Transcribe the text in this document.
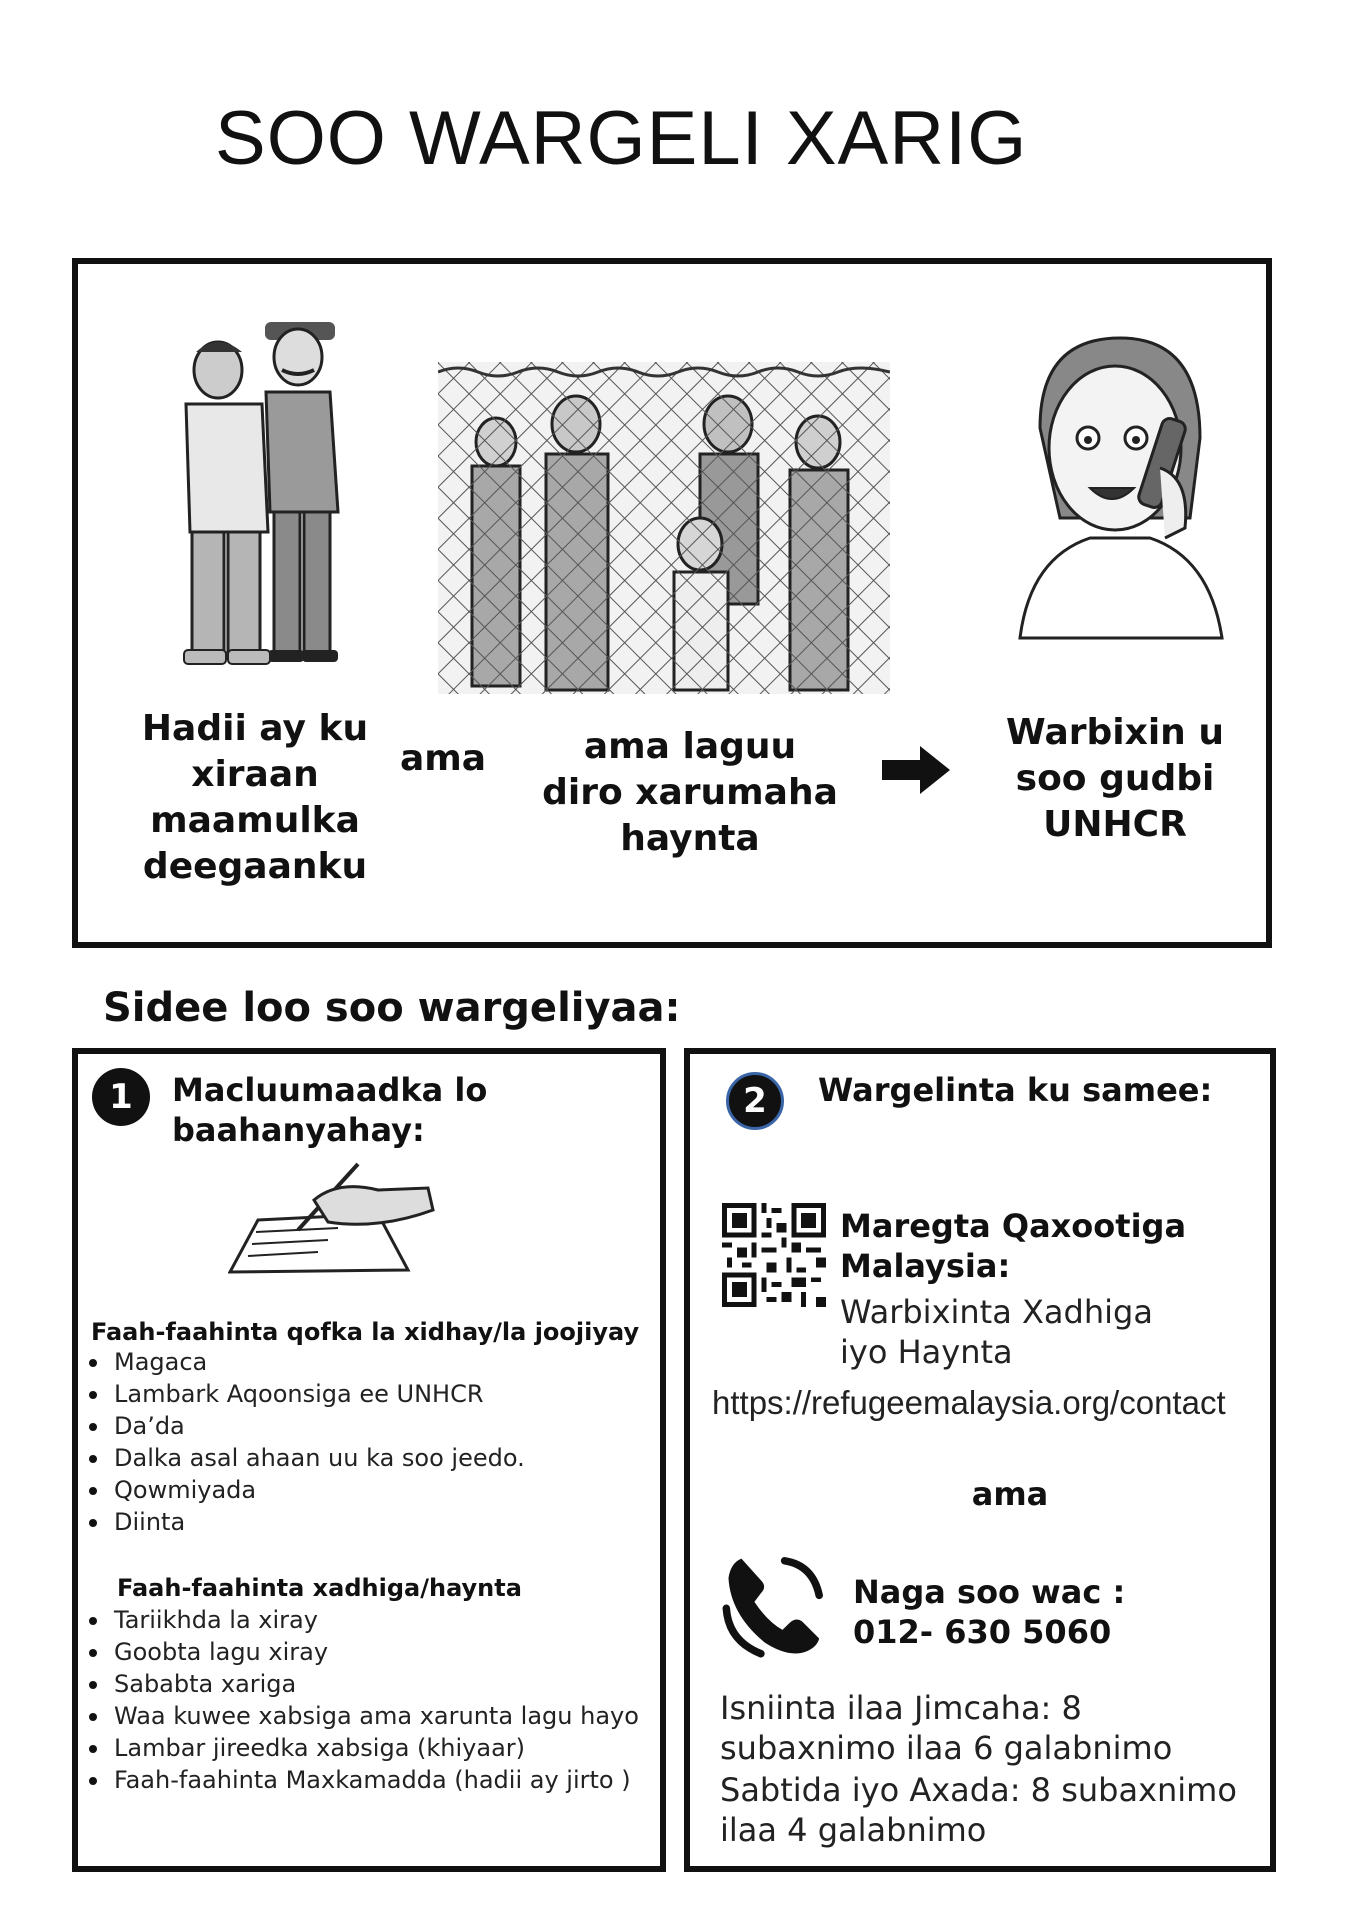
SOO WARGELI XARIG
Hadii ay ku xiraan maamulka deegaanku
ama	ama laguu diro xarumaha haynta
Warbixin u soo gudbi UNHCR
Sidee loo soo wargeliyaa:
1	Macluumaadka lo baahanyahay:
Faah-faahinta qofka la xidhay/la joojiyay
Magaca
Lambark Aqoonsiga ee UNHCR
Da’da
Dalka asal ahaan uu ka soo jeedo.
Qowmiyada
Diinta
Faah-faahinta xadhiga/haynta
Tariikhda la xiray
Goobta lagu xiray
Sababta xariga
Waa kuwee xabsiga ama xarunta lagu hayo
Lambar jireedka xabsiga (khiyaar)
Faah-faahinta Maxkamadda (hadii ay jirto )
2	Wargelinta ku samee:
Maregta Qaxootiga Malaysia:
Warbixinta Xadhiga iyo Haynta
https://refugeemalaysia.org/contact
ama
Naga soo wac :
012- 630 5060
Isniinta ilaa Jimcaha: 8 subaxnimo ilaa 6 galabnimo
Sabtida iyo Axada: 8 subaxnimo ilaa 4 galabnimo
